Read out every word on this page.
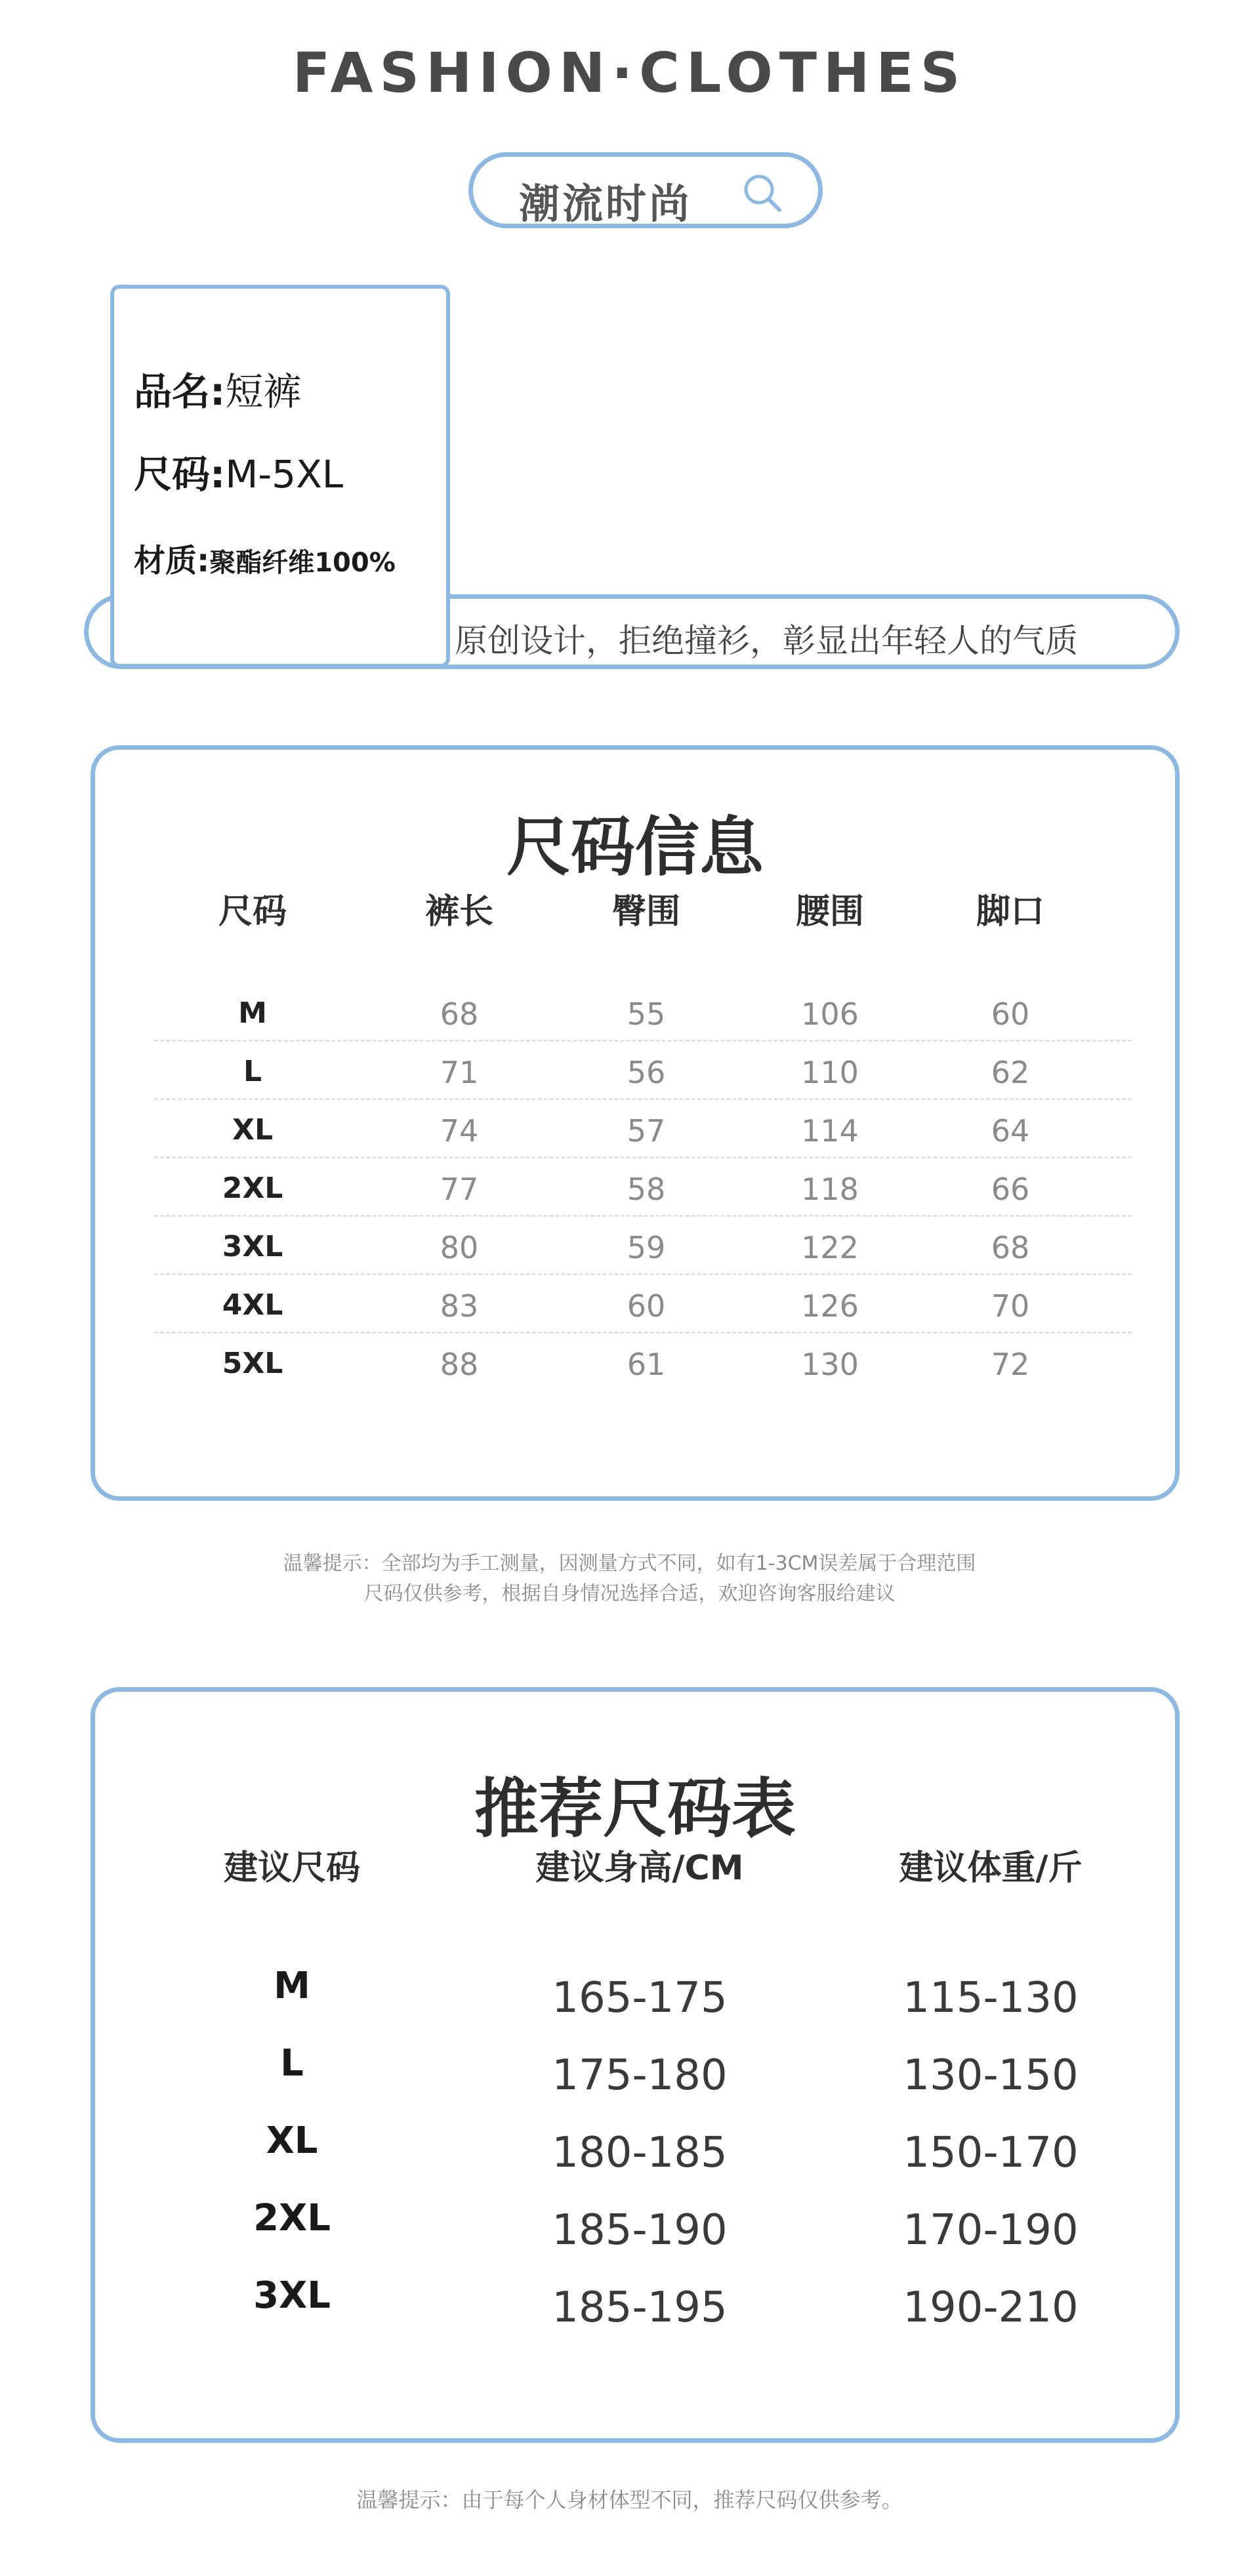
FASHION·CLOTHES
潮流时尚
原创设计，拒绝撞衫，彰显出年轻人的气质
品名:短裤
尺码:M-5XL
材质:聚酯纤维100%
尺码信息
尺码	裤长	臀围	腰围	脚口
M	68	55	106	60
L	71	56	110	62
XL	74	57	114	64
2XL	77	58	118	66
3XL	80	59	122	68
4XL	83	60	126	70
5XL	88	61	130	72
温馨提示：全部均为手工测量，因测量方式不同，如有1-3CM误差属于合理范围
尺码仅供参考，根据自身情况选择合适，欢迎咨询客服给建议
推荐尺码表
建议尺码	建议身高/CM	建议体重/斤
M	165-175	115-130
L	175-180	130-150
XL	180-185	150-170
2XL	185-190	170-190
3XL	185-195	190-210
温馨提示：由于每个人身材体型不同，推荐尺码仅供参考。
